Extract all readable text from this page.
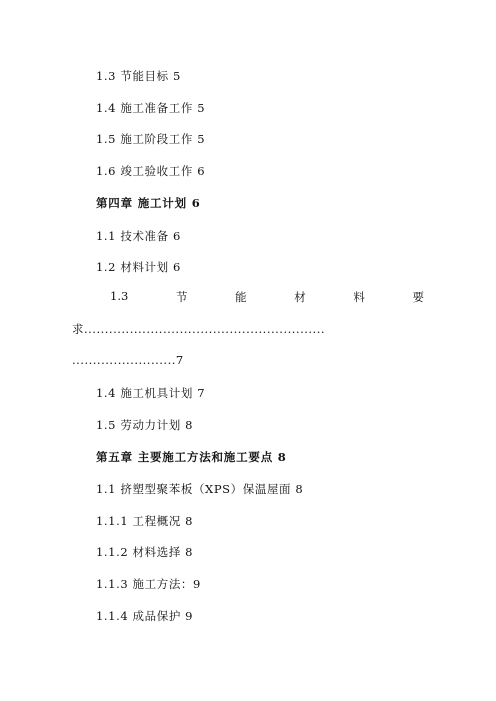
1.3 节能目标 5
1.4 施工准备工作 5
1.5 施工阶段工作 5
1.6 竣工验收工作 6
第四章 施工计划 6
1.1 技术准备 6
1.2 材料计划 6
1.3	节	能	材	料	要
求..........................................................
.........................7
1.4 施工机具计划 7
1.5 劳动力计划 8
第五章 主要施工方法和施工要点 8
1.1 挤塑型聚苯板（XPS）保温屋面 8
1.1.1 工程概况 8
1.1.2 材料选择 8
1.1.3 施工方法：9
1.1.4 成品保护 9
